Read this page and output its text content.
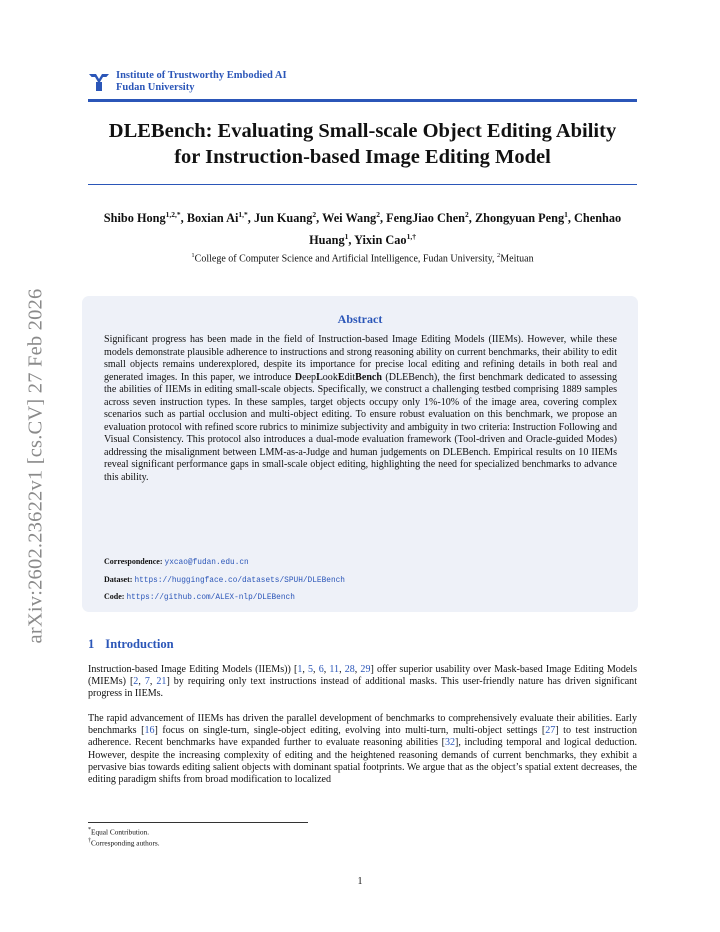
arXiv:2602.23622v1 [cs.CV] 27 Feb 2026
Institute of Trustworthy Embodied AI
Fudan University
DLEBench: Evaluating Small-scale Object Editing Ability
for Instruction-based Image Editing Model
Shibo Hong$^{1,2,*}$, Boxian $Ai^{1,*}$, Jun Kuang$^2$, Wei Wang$^2$, FengJiao Chen$^2$, Zhongyuan Peng$^1$, Chenhao Huang$^1$, Yixin Cao$^{1,\dagger}$
$^1$College of Computer Science and Artificial Intelligence, Fudan University, $^2$Meituan
Abstract
Significant progress has been made in the field of Instruction-based Image Editing Models (IIEMs). However, while these models demonstrate plausible adherence to instructions and strong reasoning ability on current benchmarks, their ability to edit small objects remains underexplored, despite its importance for precise local editing and refining details in both real and generated images. In this paper, we introduce DeepLookEditBench (DLEBench), the first benchmark dedicated to assessing the abilities of IIEMs in editing small-scale objects. Specifically, we construct a challenging testbed comprising 1889 samples across seven instruction types. In these samples, target objects occupy only 1%-10% of the image area, covering complex scenarios such as partial occlusion and multi-object editing. To ensure robust evaluation on this benchmark, we propose an evaluation protocol with refined score rubrics to minimize subjectivity and ambiguity in two criteria: Instruction Following and Visual Consistency. This protocol also introduces a dual-mode evaluation framework (Tool-driven and Oracle-guided Modes) addressing the misalignment between LMM-as-a-Judge and human judgements on DLEBench. Empirical results on 10 IIEMs reveal significant performance gaps in small-scale object editing, highlighting the need for specialized benchmarks to advance this ability.
Correspondence: yxcao@fudan.edu.cn
Dataset: https://huggingface.co/datasets/SPUH/DLEBench
Code: https://github.com/ALEX-nlp/DLEBench
1 Introduction
Instruction-based Image Editing Models (IIEMs)) [1, 5, 6, 11, 28, 29] offer superior usability over Mask-based Image Editing Models (MIEMs) [2, 7, 21] by requiring only text instructions instead of additional masks. This user-friendly nature has driven significant progress in IIEMs.
The rapid advancement of IIEMs has driven the parallel development of benchmarks to comprehensively evaluate their abilities. Early benchmarks [16] focus on single-turn, single-object editing, evolving into multi-turn, multi-object settings [27] to test instruction adherence. Recent benchmarks have expanded further to evaluate reasoning abilities [32], including temporal and logical deduction. However, despite the increasing complexity of editing and the heightened reasoning demands of current benchmarks, they exhibit a pervasive bias towards editing salient objects with dominant spatial footprints. We argue that as the object’s spatial extent decreases, the editing paradigm shifts from broad modification to localized
*Equal Contribution.
†Corresponding authors.
1
